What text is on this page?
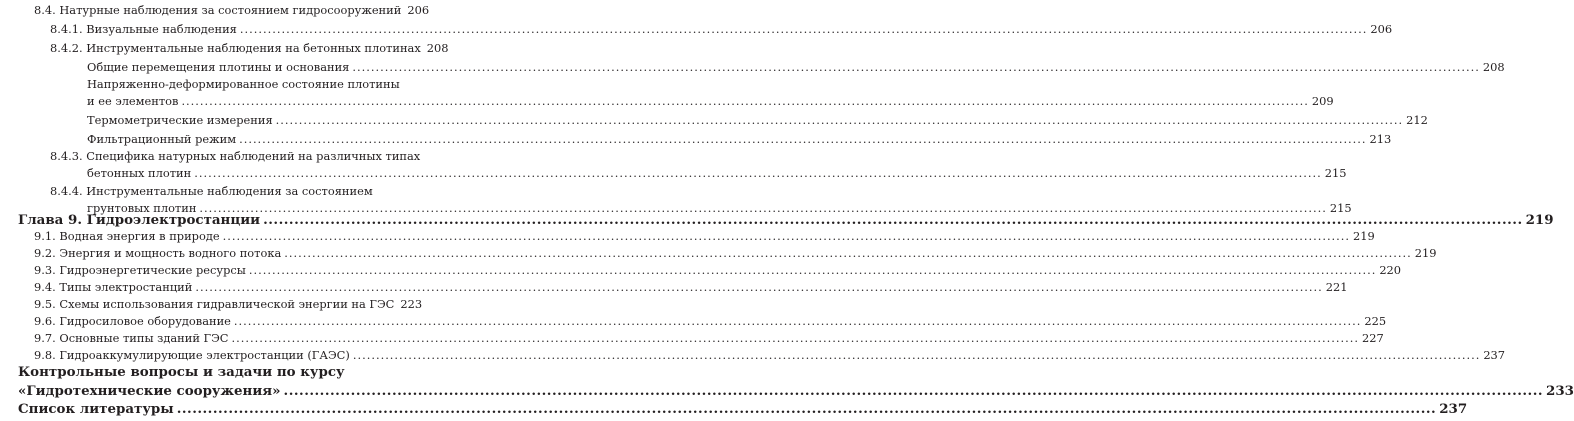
8.4. Натурные наблюдения за состоянием гидросооружений 206
8.4.1. Визуальные наблюдения .....	206
8.4.2. Инструментальные наблюдения на бетонных плотинах 208
Общие перемещения плотины и основания .....	208
Напряженно-деформированное состояние плотины
и ее элементов .....	209
Термометрические измерения .....	212
Фильтрационный режим .....	213
8.4.3. Специфика натурных наблюдений на различных типах
бетонных плотин .....	215
8.4.4. Инструментальные наблюдения за состоянием
грунтовых плотин .....	215
Глава 9. Гидроэлектростанции .....	219
9.1. Водная энергия в природе .....	219
9.2. Энергия и мощность водного потока .....	219
9.3. Гидроэнергетические ресурсы .....	220
9.4. Типы электростанций .....	221
9.5. Схемы использования гидравлической энергии на ГЭС 223
9.6. Гидросиловое оборудование .....	225
9.7. Основные типы зданий ГЭС .....	227
9.8. Гидроаккумулирующие электростанции (ГАЭС) .....	237
Контрольные вопросы и задачи по курсу
«Гидротехнические сооружения» .....	233
Список литературы .....	237
